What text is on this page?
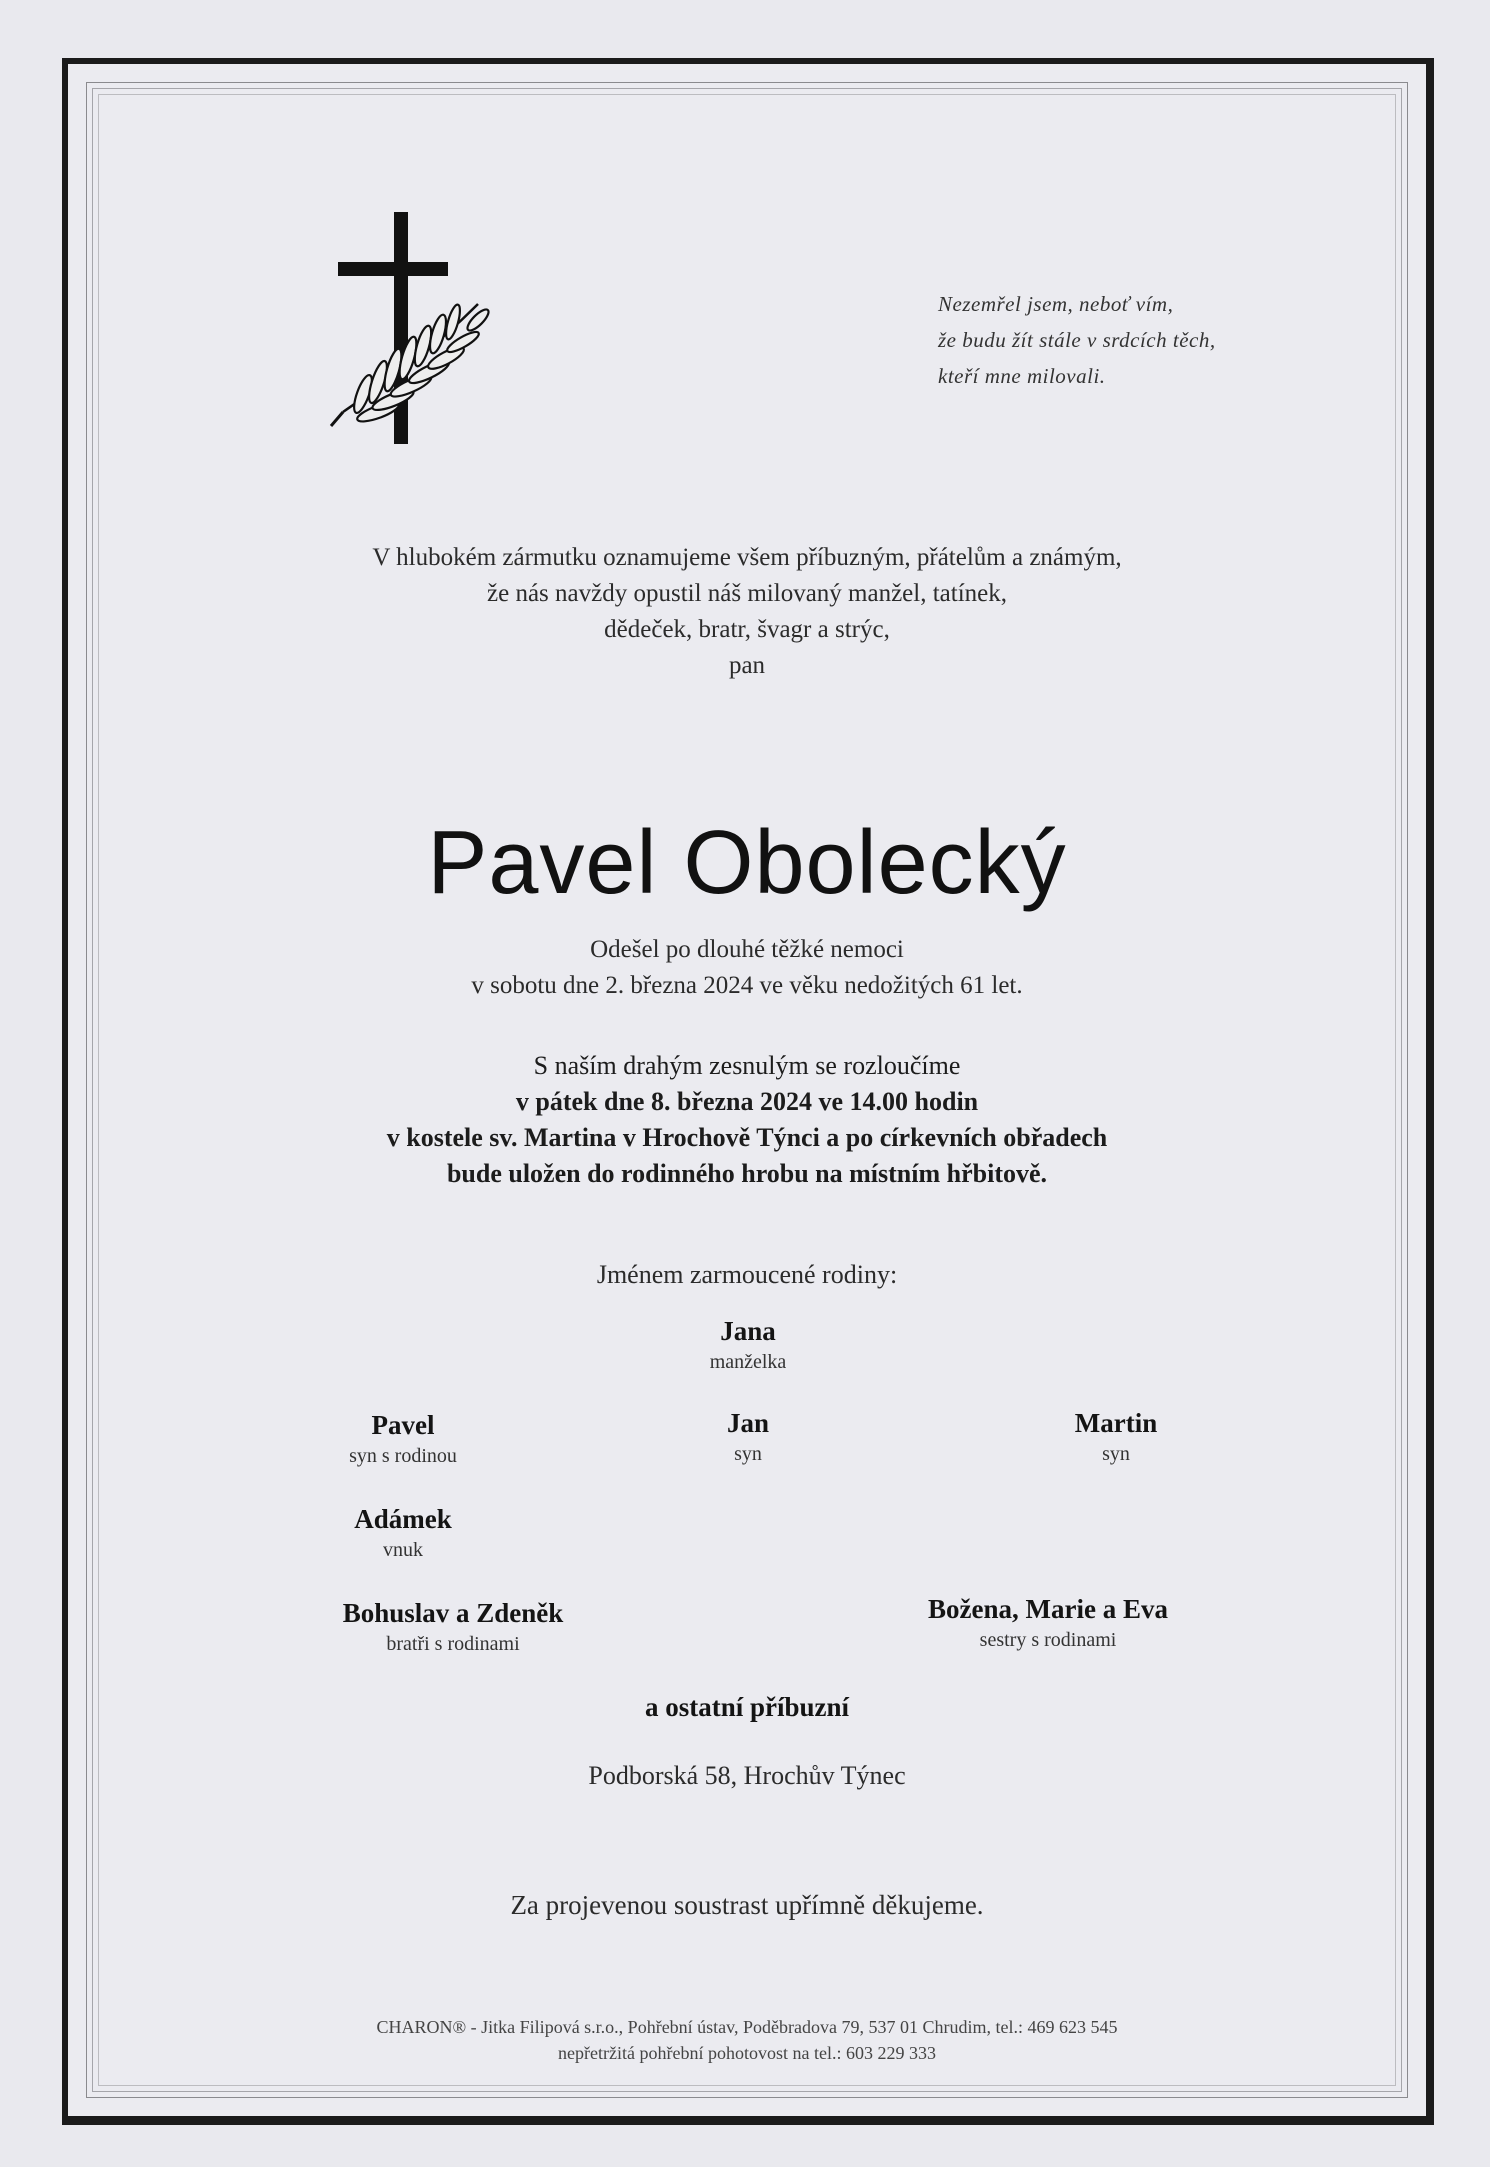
Nezemřel jsem, neboť vím,
že budu žít stále v srdcích těch,
kteří mne milovali.
V hlubokém zármutku oznamujeme všem příbuzným, přátelům a známým,
že nás navždy opustil náš milovaný manžel, tatínek,
dědeček, bratr, švagr a strýc,
pan
Pavel Obolecký
Odešel po dlouhé těžké nemoci
v sobotu dne 2. března 2024 ve věku nedožitých 61 let.
S naším drahým zesnulým se rozloučíme
v pátek dne 8. března 2024 ve 14.00 hodin
v kostele sv. Martina v Hrochově Týnci a po církevních obřadech
bude uložen do rodinného hrobu na místním hřbitově.
Jménem zarmoucené rodiny:
Jana
manželka
Pavel
syn s rodinou
Jan
syn
Martin
syn
Adámek
vnuk
Bohuslav a Zdeněk
bratři s rodinami
Božena, Marie a Eva
sestry s rodinami
a ostatní příbuzní
Podborská 58, Hrochův Týnec
Za projevenou soustrast upřímně děkujeme.
CHARON® - Jitka Filipová s.r.o., Pohřební ústav, Poděbradova 79, 537 01 Chrudim, tel.: 469 623 545
nepřetržitá pohřební pohotovost na tel.: 603 229 333
